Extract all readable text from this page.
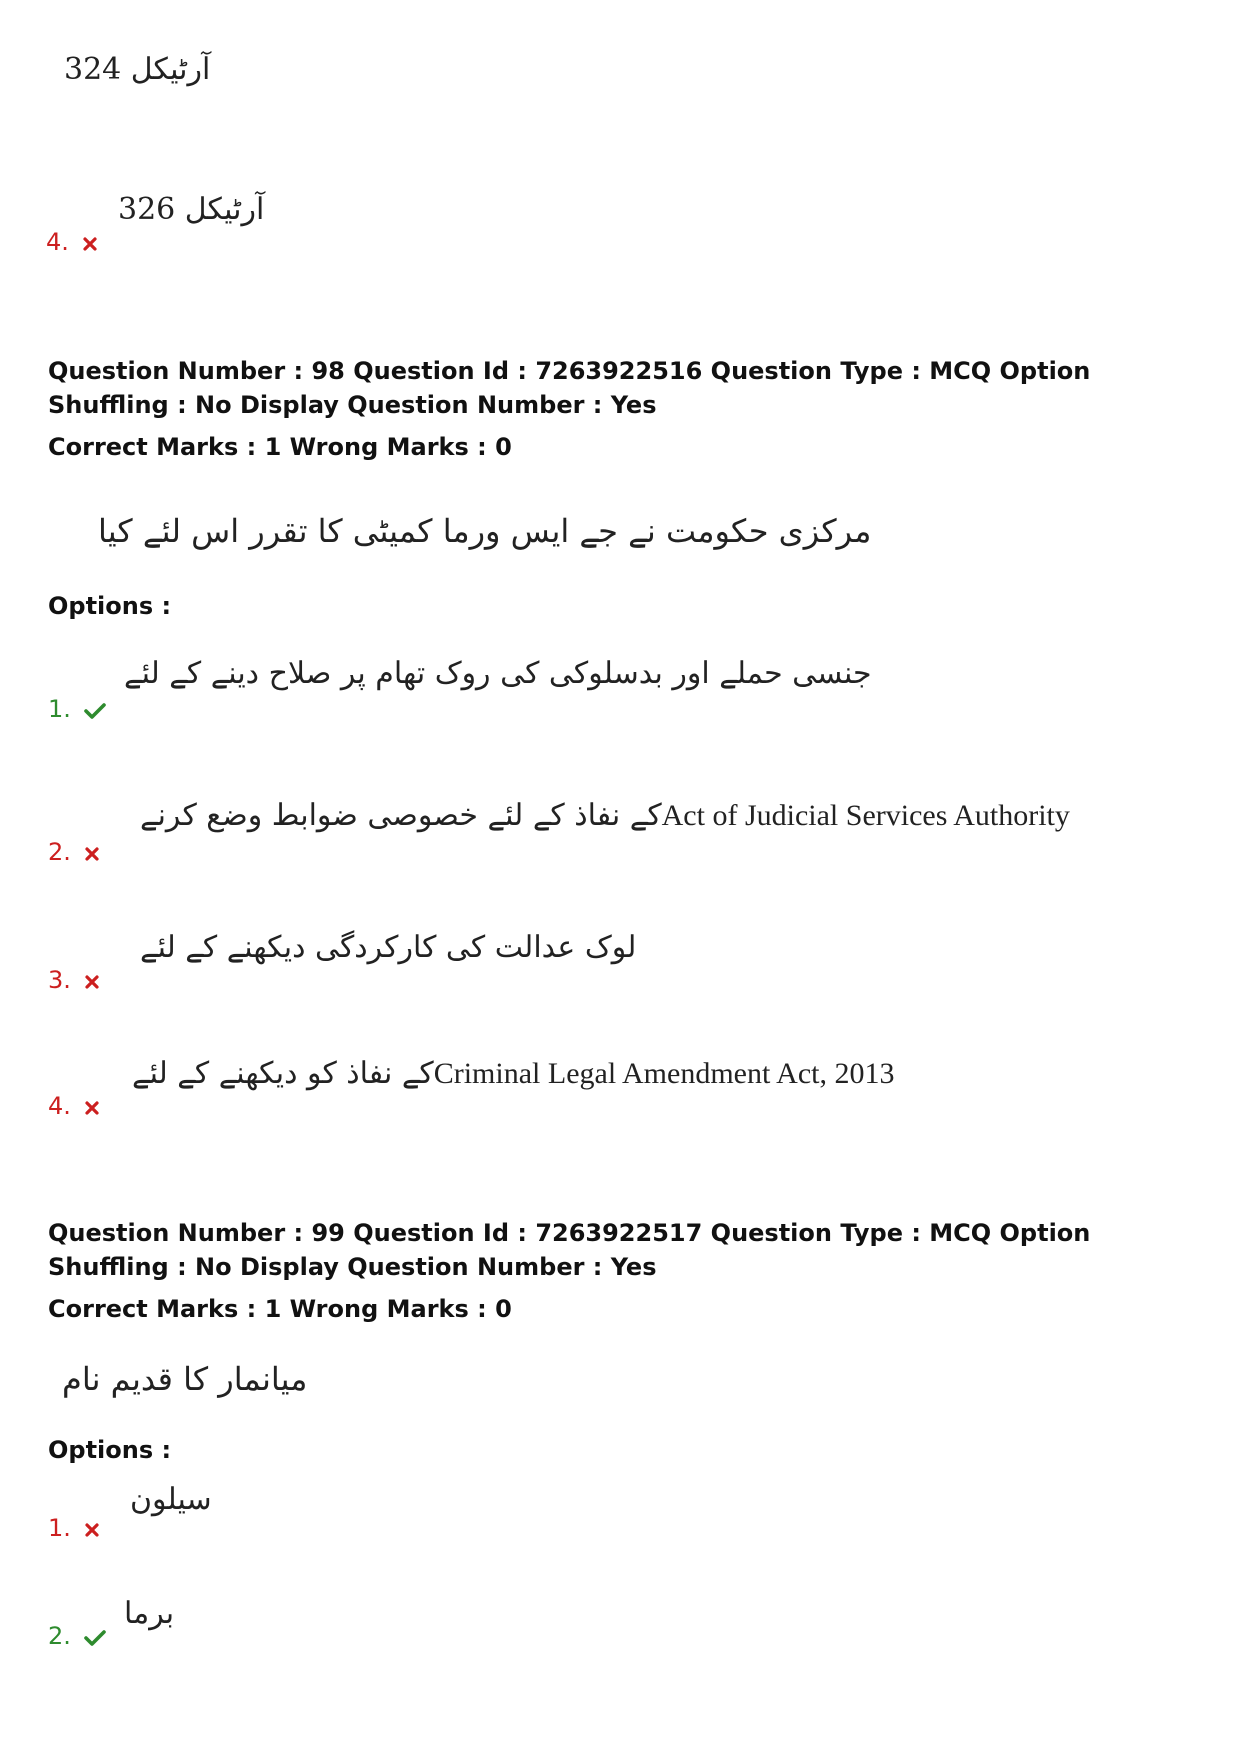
آرٹیکل 324
4.
آرٹیکل 326
Question Number : 98 Question Id : 7263922516 Question Type : MCQ Option Shuffling : No Display Question Number : Yes
Correct Marks : 1 Wrong Marks : 0
مرکزی حکومت نے جے ایس ورما کمیٹی کا تقرر اس لئے کیا
Options :
1.
جنسی حملے اور بدسلوکی کی روک تھام پر صلاح دینے کے لئے
2.
کے نفاذ کے لئے خصوصی ضوابط وضع کرنےAct of Judicial Services Authority
3.
لوک عدالت کی کارکردگی دیکھنے کے لئے
4.
کے نفاذ کو دیکھنے کے لئےCriminal Legal Amendment Act, 2013
Question Number : 99 Question Id : 7263922517 Question Type : MCQ Option Shuffling : No Display Question Number : Yes
Correct Marks : 1 Wrong Marks : 0
میانمار کا قدیم نام
Options :
1.
سیلون
2.
برما
